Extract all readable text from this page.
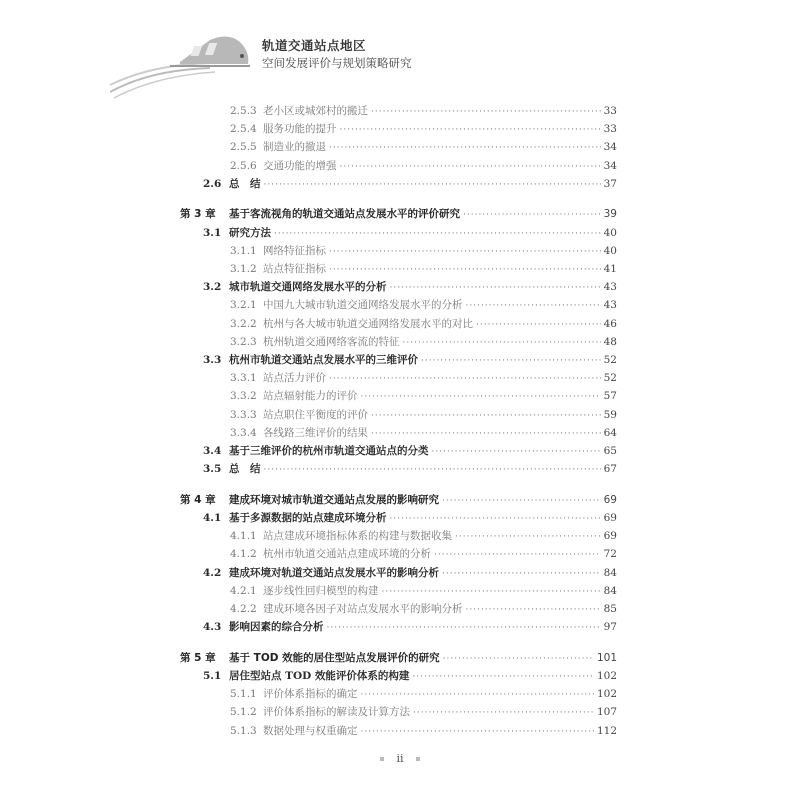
轨道交通站点地区
空间发展评价与规划策略研究
2.5.3 老小区或城郊村的搬迁 ·····	33
2.5.4 服务功能的提升 ·····	33
2.5.5 制造业的撤退 ·····	34
2.5.6 交通功能的增强 ·····	34
2.6 总　结 ·····	37
第 3 章	基于客流视角的轨道交通站点发展水平的评价研究 ·····	39
3.1 研究方法 ·····	40
3.1.1 网络特征指标 ·····	40
3.1.2 站点特征指标 ·····	41
3.2 城市轨道交通网络发展水平的分析 ·····	43
3.2.1 中国九大城市轨道交通网络发展水平的分析 ·····	43
3.2.2 杭州与各大城市轨道交通网络发展水平的对比 ·····	46
3.2.3 杭州轨道交通网络客流的特征 ·····	48
3.3 杭州市轨道交通站点发展水平的三维评价 ·····	52
3.3.1 站点活力评价 ·····	52
3.3.2 站点辐射能力的评价 ·····	57
3.3.3 站点职住平衡度的评价 ·····	59
3.3.4 各线路三维评价的结果 ·····	64
3.4 基于三维评价的杭州市轨道交通站点的分类 ·····	65
3.5 总　结 ·····	67
第 4 章	建成环境对城市轨道交通站点发展的影响研究 ·····	69
4.1 基于多源数据的站点建成环境分析 ·····	69
4.1.1 站点建成环境指标体系的构建与数据收集 ·····	69
4.1.2 杭州市轨道交通站点建成环境的分析 ·····	72
4.2 建成环境对轨道交通站点发展水平的影响分析 ·····	84
4.2.1 逐步线性回归模型的构建 ·····	84
4.2.2 建成环境各因子对站点发展水平的影响分析 ·····	85
4.3 影响因素的综合分析 ·····	97
第 5 章	基于 TOD 效能的居住型站点发展评价的研究 ·····	101
5.1 居住型站点 TOD 效能评价体系的构建 ·····	102
5.1.1 评价体系指标的确定 ·····	102
5.1.2 评价体系指标的解读及计算方法 ·····	107
5.1.3 数据处理与权重确定 ·····	112
ii
